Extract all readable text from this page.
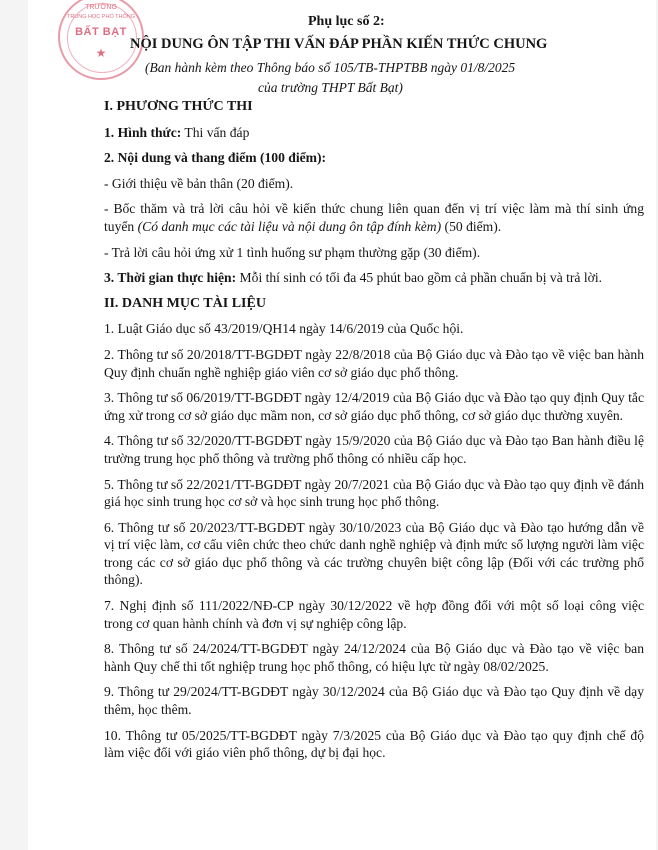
TRƯỜNG
TRUNG HỌC PHỔ THÔNG
BẤT BẠT
★
Phụ lục số 2:
NỘI DUNG ÔN TẬP THI VẤN ĐÁP PHẦN KIẾN THỨC CHUNG
(Ban hành kèm theo Thông báo số 105/TB-THPTBB ngày 01/8/2025
của trường THPT Bất Bạt)
I. PHƯƠNG THỨC THI

1. Hình thức: Thi vấn đáp

2. Nội dung và thang điểm (100 điểm):

- Giới thiệu về bản thân (20 điểm).

- Bốc thăm và trả lời câu hỏi về kiến thức chung liên quan đến vị trí việc làm mà thí sinh ứng tuyển (Có danh mục các tài liệu và nội dung ôn tập đính kèm) (50 điểm).

- Trả lời câu hỏi ứng xử 1 tình huống sư phạm thường gặp (30 điểm).

3. Thời gian thực hiện: Mỗi thí sinh có tối đa 45 phút bao gồm cả phần chuẩn bị và trả lời.

II. DANH MỤC TÀI LIỆU

1. Luật Giáo dục số 43/2019/QH14 ngày 14/6/2019 của Quốc hội.

2. Thông tư số 20/2018/TT-BGDĐT ngày 22/8/2018 của Bộ Giáo dục và Đào tạo về việc ban hành Quy định chuẩn nghề nghiệp giáo viên cơ sở giáo dục phổ thông.

3. Thông tư số 06/2019/TT-BGDĐT ngày 12/4/2019 của Bộ Giáo dục và Đào tạo quy định Quy tắc ứng xử trong cơ sở giáo dục mầm non, cơ sở giáo dục phổ thông, cơ sở giáo dục thường xuyên.

4. Thông tư số 32/2020/TT-BGDĐT ngày 15/9/2020 của Bộ Giáo dục và Đào tạo Ban hành điều lệ trường trung học phổ thông và trường phổ thông có nhiều cấp học.

5. Thông tư số 22/2021/TT-BGDĐT ngày 20/7/2021 của Bộ Giáo dục và Đào tạo quy định về đánh giá học sinh trung học cơ sở và học sinh trung học phổ thông.

6. Thông tư số 20/2023/TT-BGDĐT ngày 30/10/2023 của Bộ Giáo dục và Đào tạo hướng dẫn về vị trí việc làm, cơ cấu viên chức theo chức danh nghề nghiệp và định mức số lượng người làm việc trong các cơ sở giáo dục phổ thông và các trường chuyên biệt công lập (Đối với các trường phổ thông).

7. Nghị định số 111/2022/NĐ-CP ngày 30/12/2022 về hợp đồng đối với một số loại công việc trong cơ quan hành chính và đơn vị sự nghiệp công lập.

8. Thông tư số 24/2024/TT-BGDĐT ngày 24/12/2024 của Bộ Giáo dục và Đào tạo về việc ban hành Quy chế thi tốt nghiệp trung học phổ thông, có hiệu lực từ ngày 08/02/2025.

9. Thông tư 29/2024/TT-BGDĐT ngày 30/12/2024 của Bộ Giáo dục và Đào tạo Quy định về dạy thêm, học thêm.

10. Thông tư 05/2025/TT-BGDĐT ngày 7/3/2025 của Bộ Giáo dục và Đào tạo quy định chế độ làm việc đối với giáo viên phổ thông, dự bị đại học.
